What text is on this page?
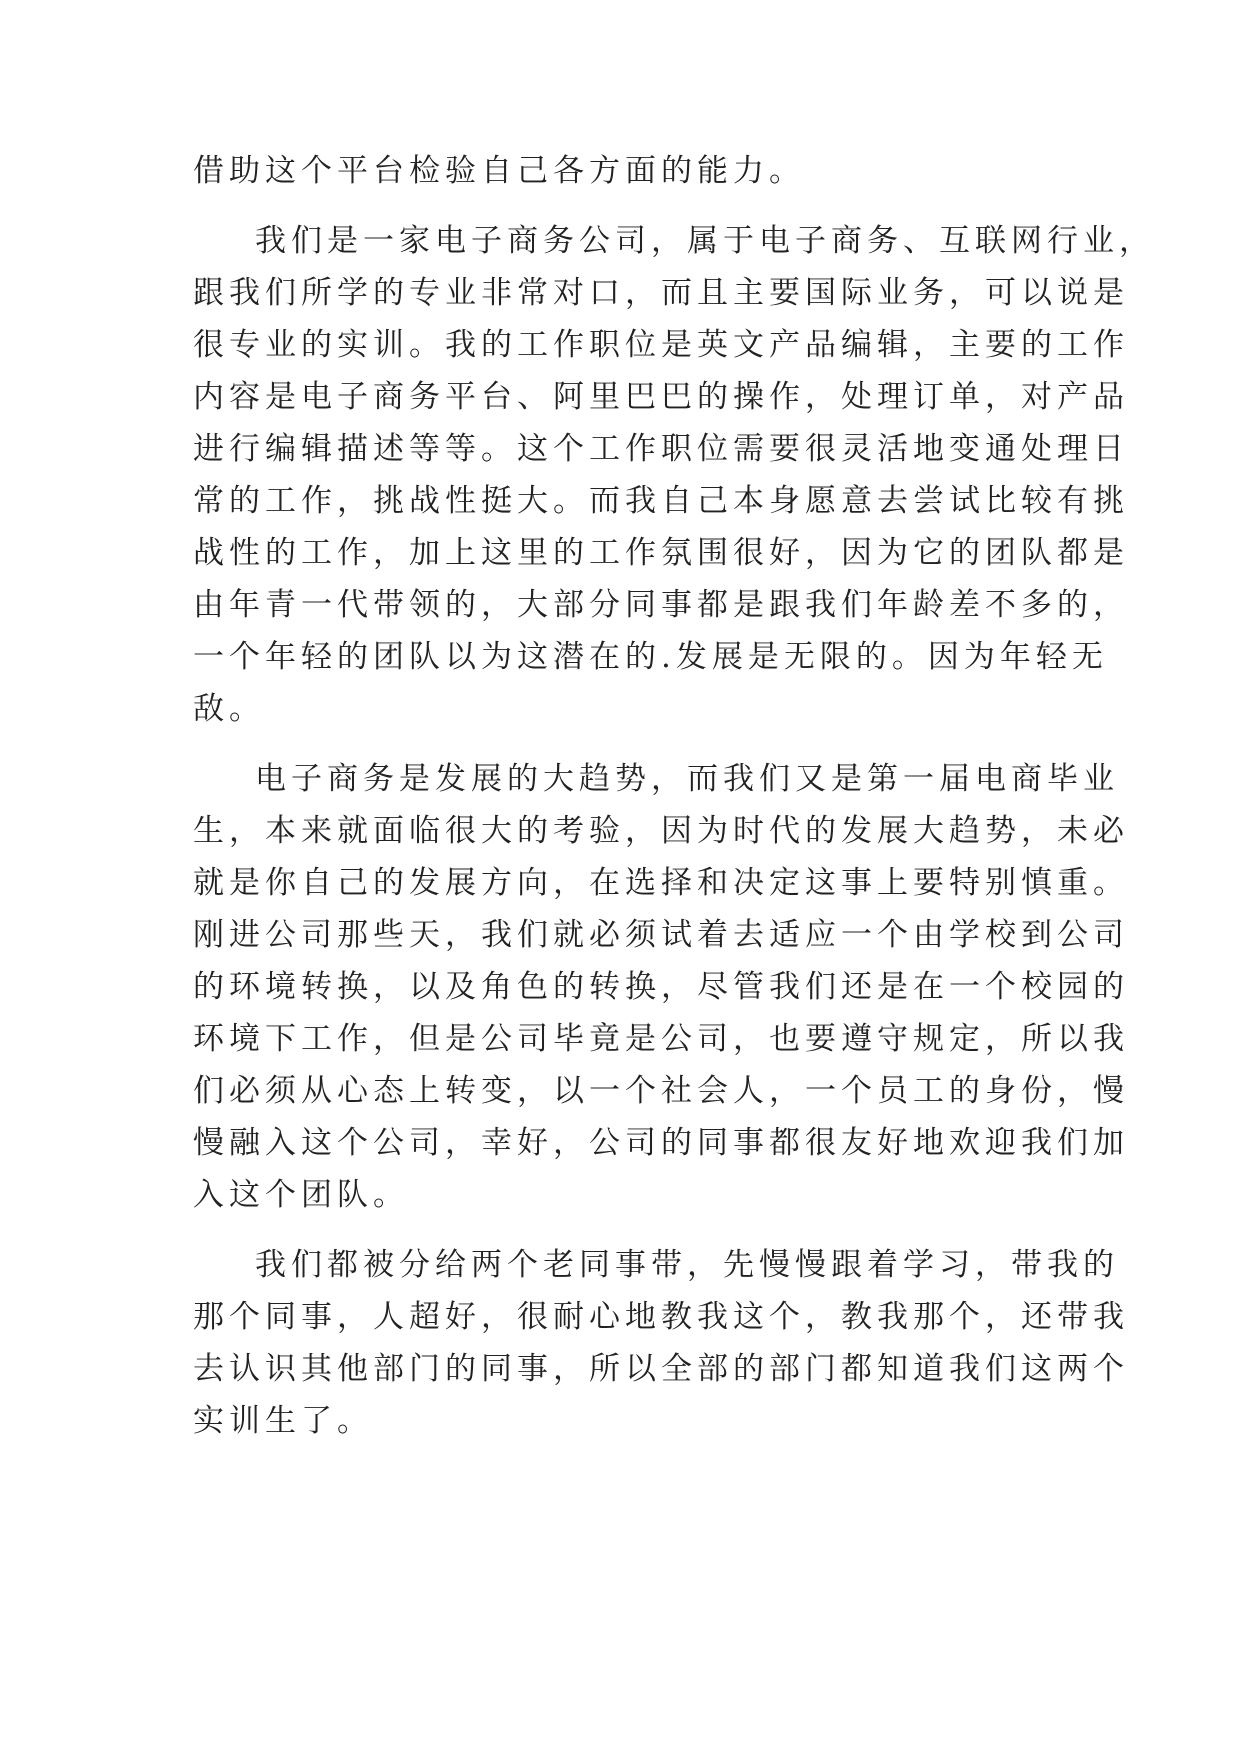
借助这个平台检验自己各方面的能力。
我们是一家电子商务公司，属于电子商务、互联网行业，
跟我们所学的专业非常对口，而且主要国际业务，可以说是
很专业的实训。我的工作职位是英文产品编辑，主要的工作
内容是电子商务平台、阿里巴巴的操作，处理订单，对产品
进行编辑描述等等。这个工作职位需要很灵活地变通处理日
常的工作，挑战性挺大。而我自己本身愿意去尝试比较有挑
战性的工作，加上这里的工作氛围很好，因为它的团队都是
由年青一代带领的，大部分同事都是跟我们年龄差不多的，
一个年轻的团队以为这潜在的.发展是无限的。因为年轻无
敌。
电子商务是发展的大趋势，而我们又是第一届电商毕业
生，本来就面临很大的考验，因为时代的发展大趋势，未必
就是你自己的发展方向，在选择和决定这事上要特别慎重。
刚进公司那些天，我们就必须试着去适应一个由学校到公司
的环境转换，以及角色的转换，尽管我们还是在一个校园的
环境下工作，但是公司毕竟是公司，也要遵守规定，所以我
们必须从心态上转变，以一个社会人，一个员工的身份，慢
慢融入这个公司，幸好，公司的同事都很友好地欢迎我们加
入这个团队。
我们都被分给两个老同事带，先慢慢跟着学习，带我的
那个同事，人超好，很耐心地教我这个，教我那个，还带我
去认识其他部门的同事，所以全部的部门都知道我们这两个
实训生了。
